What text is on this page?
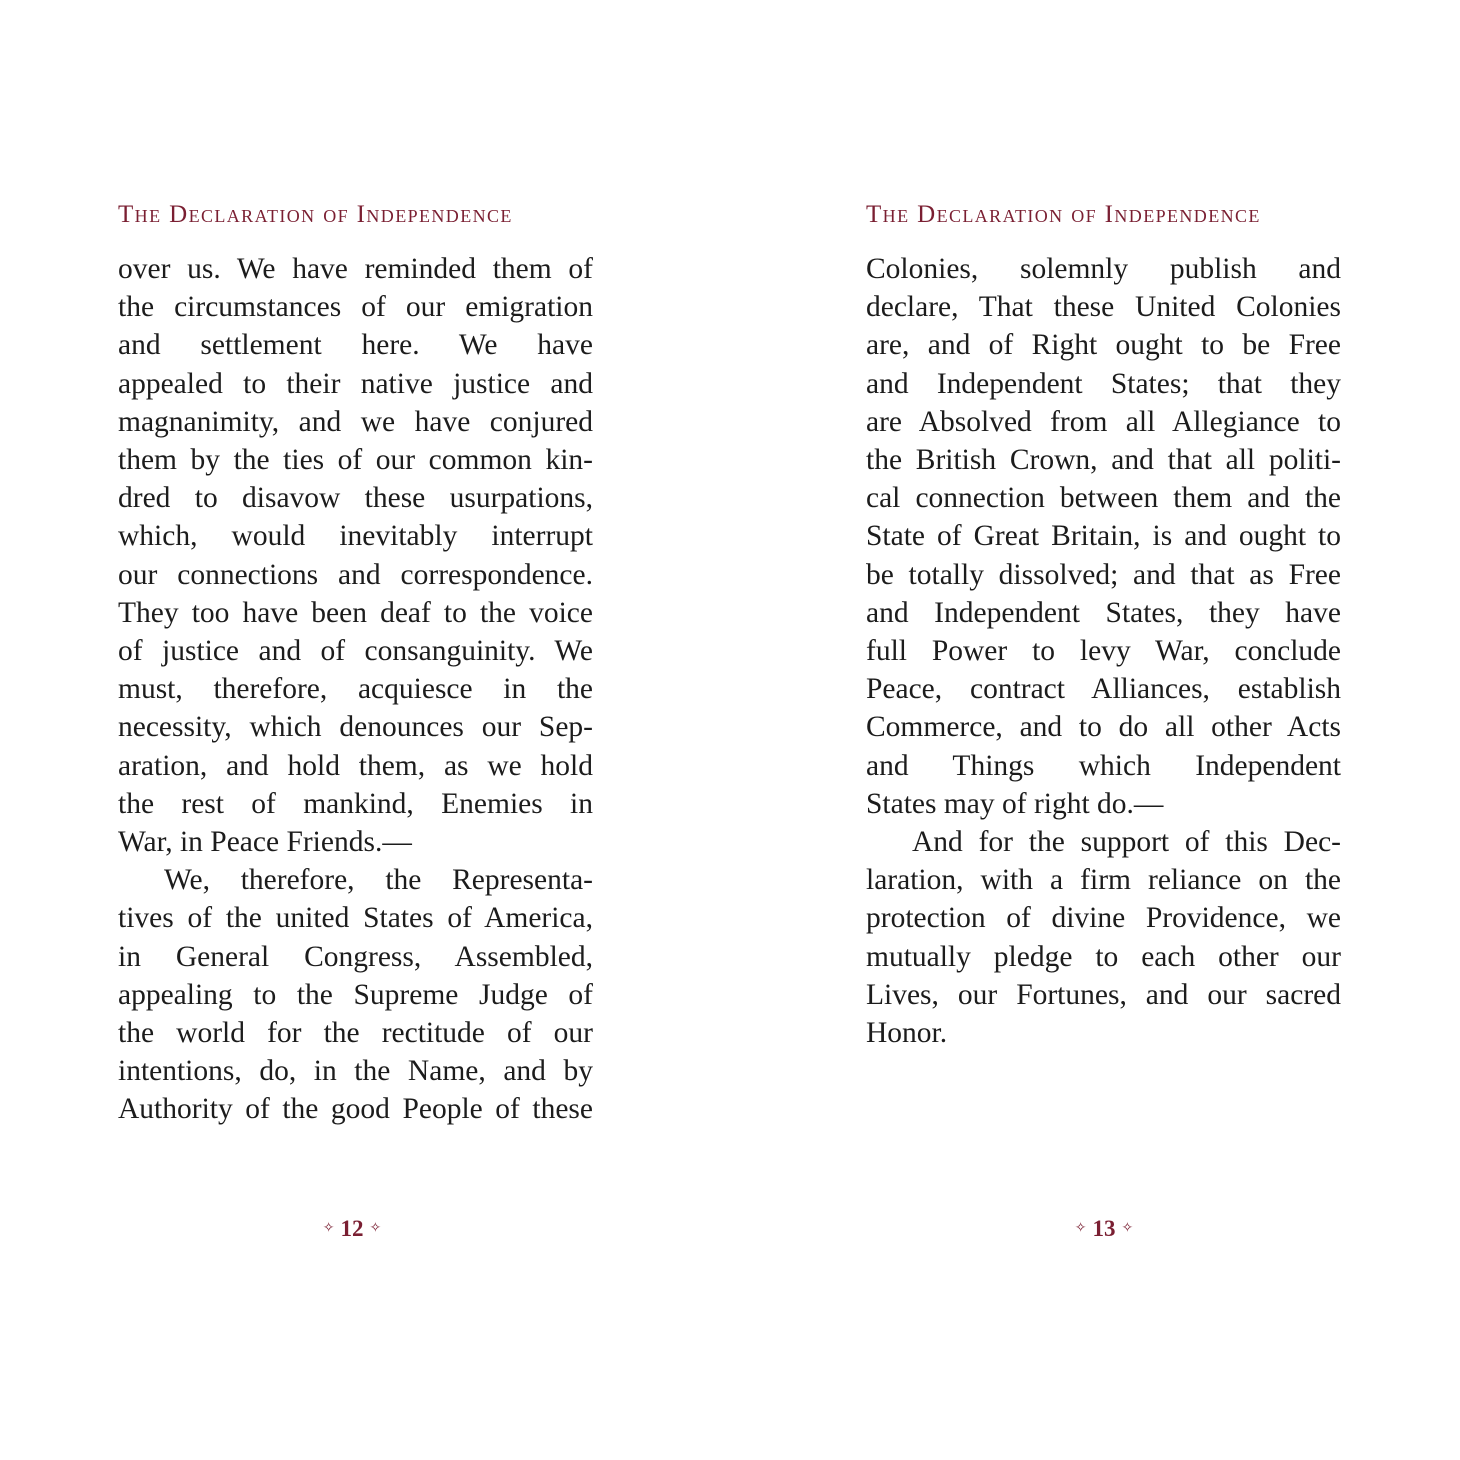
The Declaration of Independence
over us. We have reminded them of
the circumstances of our emigration
and settlement here. We have
appealed to their native justice and
magnanimity, and we have conjured
them by the ties of our common kin-
dred to disavow these usurpations,
which, would inevitably interrupt
our connections and correspondence.
They too have been deaf to the voice
of justice and of consanguinity. We
must, therefore, acquiesce in the
necessity, which denounces our Sep-
aration, and hold them, as we hold
the rest of mankind, Enemies in
War, in Peace Friends.—
We, therefore, the Representa-
tives of the united States of America,
in General Congress, Assembled,
appealing to the Supreme Judge of
the world for the rectitude of our
intentions, do, in the Name, and by
Authority of the good People of these
✧ 12 ✧
The Declaration of Independence
Colonies, solemnly publish and
declare, That these United Colonies
are, and of Right ought to be Free
and Independent States; that they
are Absolved from all Allegiance to
the British Crown, and that all politi-
cal connection between them and the
State of Great Britain, is and ought to
be totally dissolved; and that as Free
and Independent States, they have
full Power to levy War, conclude
Peace, contract Alliances, establish
Commerce, and to do all other Acts
and Things which Independent
States may of right do.—
And for the support of this Dec-
laration, with a firm reliance on the
protection of divine Providence, we
mutually pledge to each other our
Lives, our Fortunes, and our sacred
Honor.
✧ 13 ✧
